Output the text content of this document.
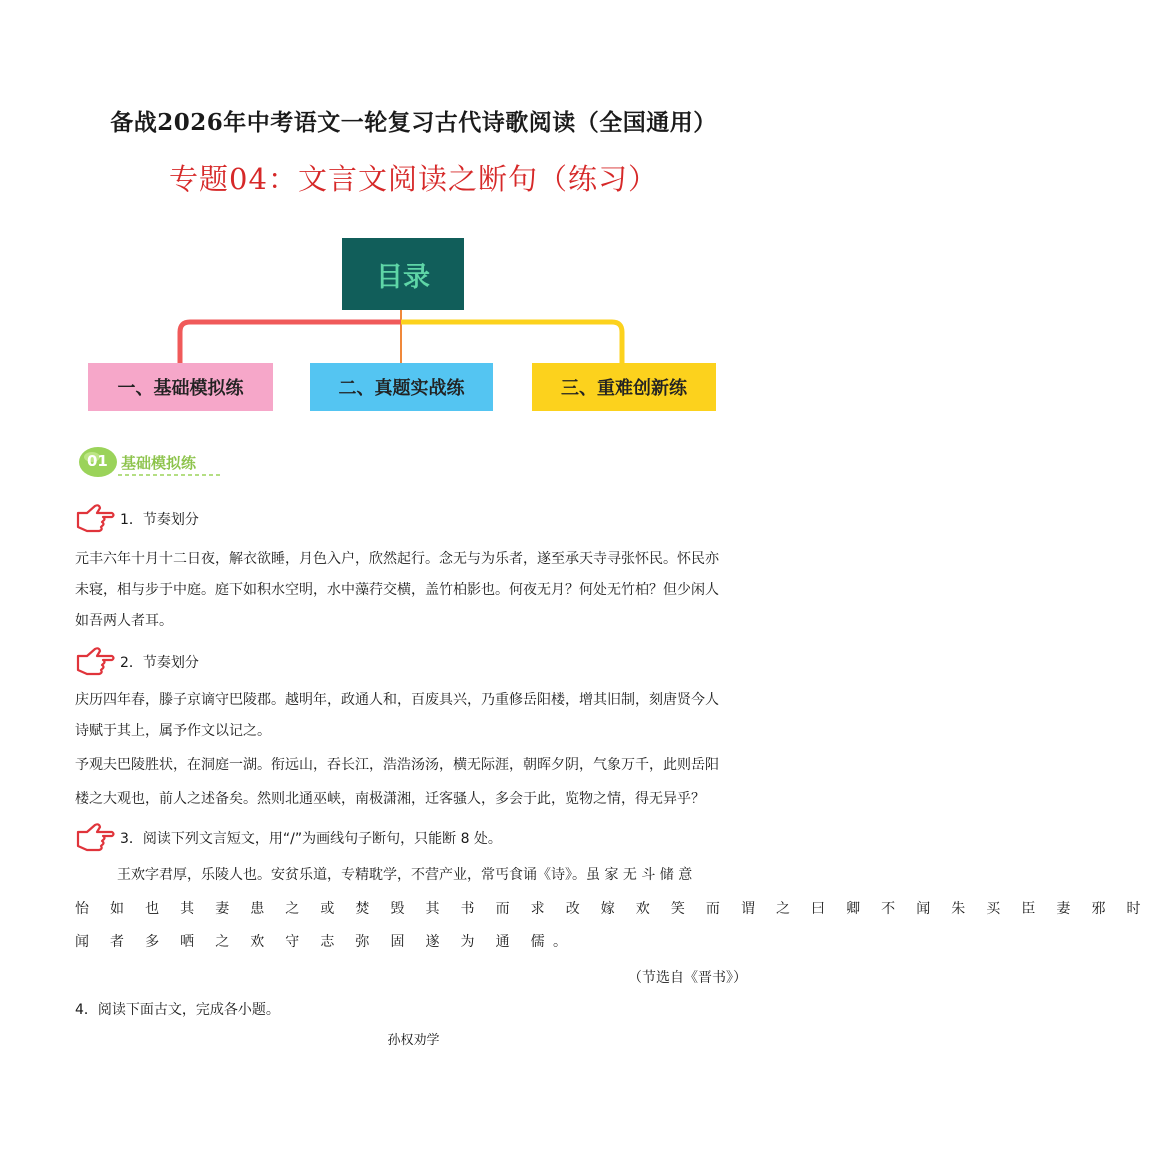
备战2026年中考语文一轮复习古代诗歌阅读（全国通用）
专题04：文言文阅读之断句（练习）
目录
一、基础模拟练	二、真题实战练	三、重难创新练
01 基础模拟练
1．节奏划分
元丰六年十月十二日夜，解衣欲睡，月色入户，欣然起行。念无与为乐者，遂至承天寺寻张怀民。怀民亦
未寝，相与步于中庭。庭下如积水空明，水中藻荇交横，盖竹柏影也。何夜无月？何处无竹柏？但少闲人
如吾两人者耳。
2．节奏划分
庆历四年春，滕子京谪守巴陵郡。越明年，政通人和，百废具兴，乃重修岳阳楼，增其旧制，刻唐贤今人
诗赋于其上，属予作文以记之。
予观夫巴陵胜状，在洞庭一湖。衔远山，吞长江，浩浩汤汤，横无际涯，朝晖夕阴，气象万千，此则岳阳
楼之大观也，前人之述备矣。然则北通巫峡，南极潇湘，迁客骚人，多会于此，览物之情，得无异乎？
3．阅读下列文言短文，用“/”为画线句子断句，只能断 8 处。
王欢字君厚，乐陵人也。安贫乐道，专精耽学，不营产业，常丐食诵《诗》。虽 家 无 斗 储 意
怡 如 也 其 妻 患 之 或 焚 毁 其 书 而 求 改 嫁 欢 笑 而 谓 之 曰 卿 不 闻 朱 买 臣 妻 邪 时
闻 者 多 哂 之 欢 守 志 弥 固 遂 为 通 儒。
（节选自《晋书》）
4．阅读下面古文，完成各小题。
孙权劝学
